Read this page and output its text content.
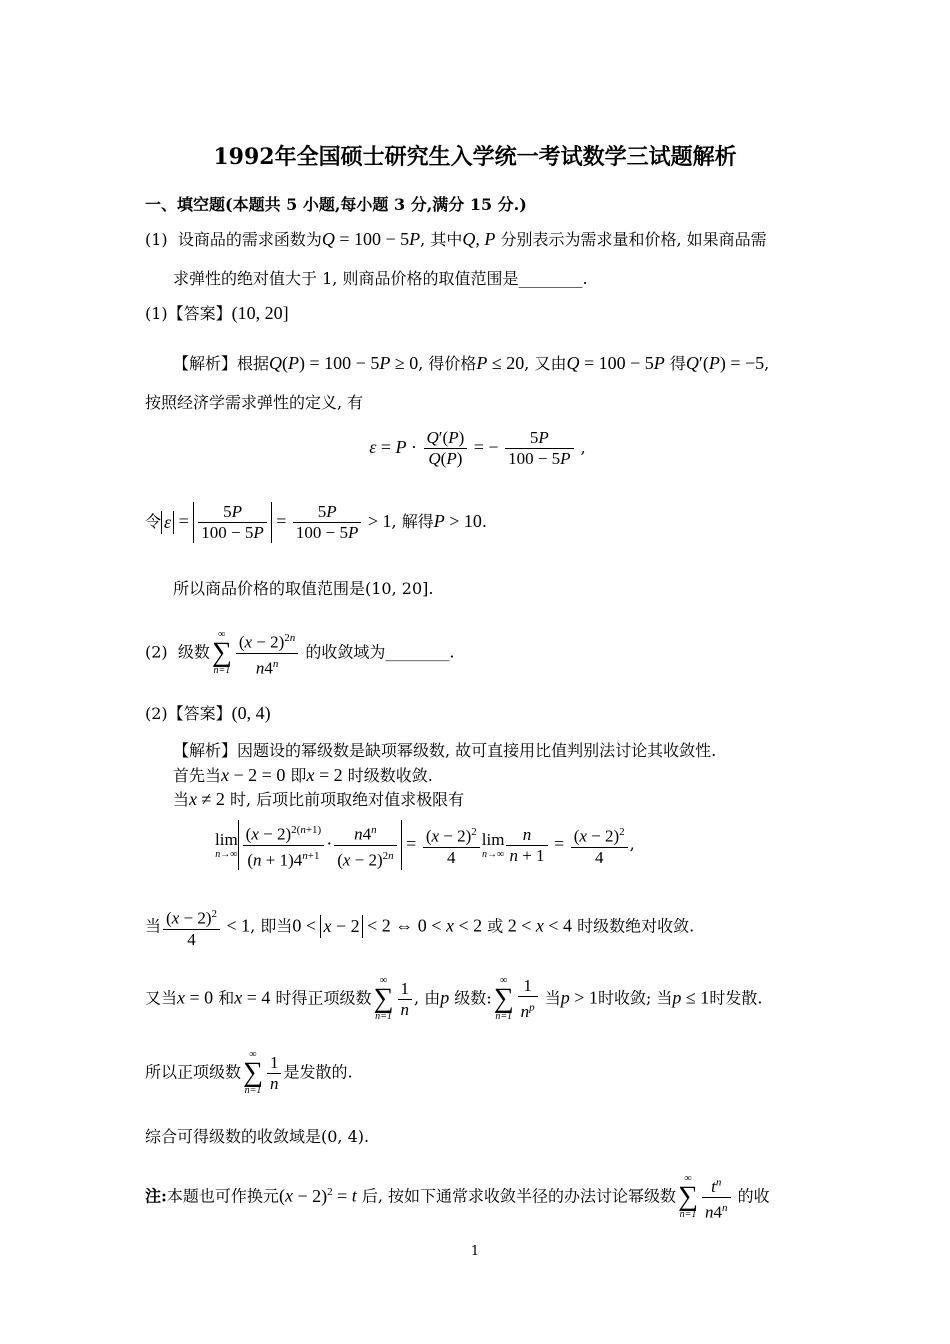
1992年全国硕士研究生入学统一考试数学三试题解析
一、填空题(本题共 5 小题,每小题 3 分,满分 15 分.)
(1) 设商品的需求函数为Q = 100 − 5P, 其中Q, P 分别表示为需求量和价格, 如果商品需
求弹性的绝对值大于 1, 则商品价格的取值范围是________.
(1)【答案】(10, 20]
【解析】根据Q(P) = 100 − 5P ≥ 0, 得价格P ≤ 20, 又由Q = 100 − 5P 得Q′(P) = −5,
按照经济学需求弹性的定义, 有
$\varepsilon = P \cdot \frac{Q'(P)}{Q(P)}$ = − $\frac{5P}{100 - 5P}$ ,
令 $\varepsilon = \frac{5P}{100 - 5P} = \frac{5P}{100 - 5P} > 1$, 解得P > 10.
所以商品价格的取值范围是(10, 20].
(2) 级数
∞
∑
$n=1 \frac{(x - 2)^{2n}}{n4^n}$ 的收敛域为________.
(2)【答案】(0, 4)
【解析】因题设的幂级数是缺项幂级数, 故可直接用比值判别法讨论其收敛性.
首先当x − 2 = 0 即x = 2 时级数收敛.
当x ≠ 2 时, 后项比前项取绝对值求极限有
lim
$n\to\infty \frac{(x - 2)^{2(n+1)}}{(n + 1)4^{n+1}} \cdot \frac{n4^n}{(x - 2)^{2n}} = \frac{(x - 2)^2}{4}$ lim
$n\to\infty \frac{n}{n + 1} = \frac{(x - 2)^2}{4}$ ,
当 $\frac{(x - 2)^2}{4} < 1$, 即当0 < x − 2 < 2 ⇔ 0 < x < 2 或 2 < x < 4 时级数绝对收敛.
又当x = 0 和x = 4 时得正项级数
∞
∑
$n=1 \frac{1}{n}$ , 由p 级数:
∞
∑
$n=1 \frac{1}{n^p}$ 当p > 1时收敛; 当p ≤ 1时发散.
所以正项级数
∞
∑
$n=1 \frac{1}{n}$ 是发散的.
综合可得级数的收敛域是(0, 4).
注:本题也可作换元$(x - 2)^2 = t$ 后, 按如下通常求收敛半径的办法讨论幂级数
∞
∑
$n=1 \frac{t^n}{n4^n}$ 的收
1
